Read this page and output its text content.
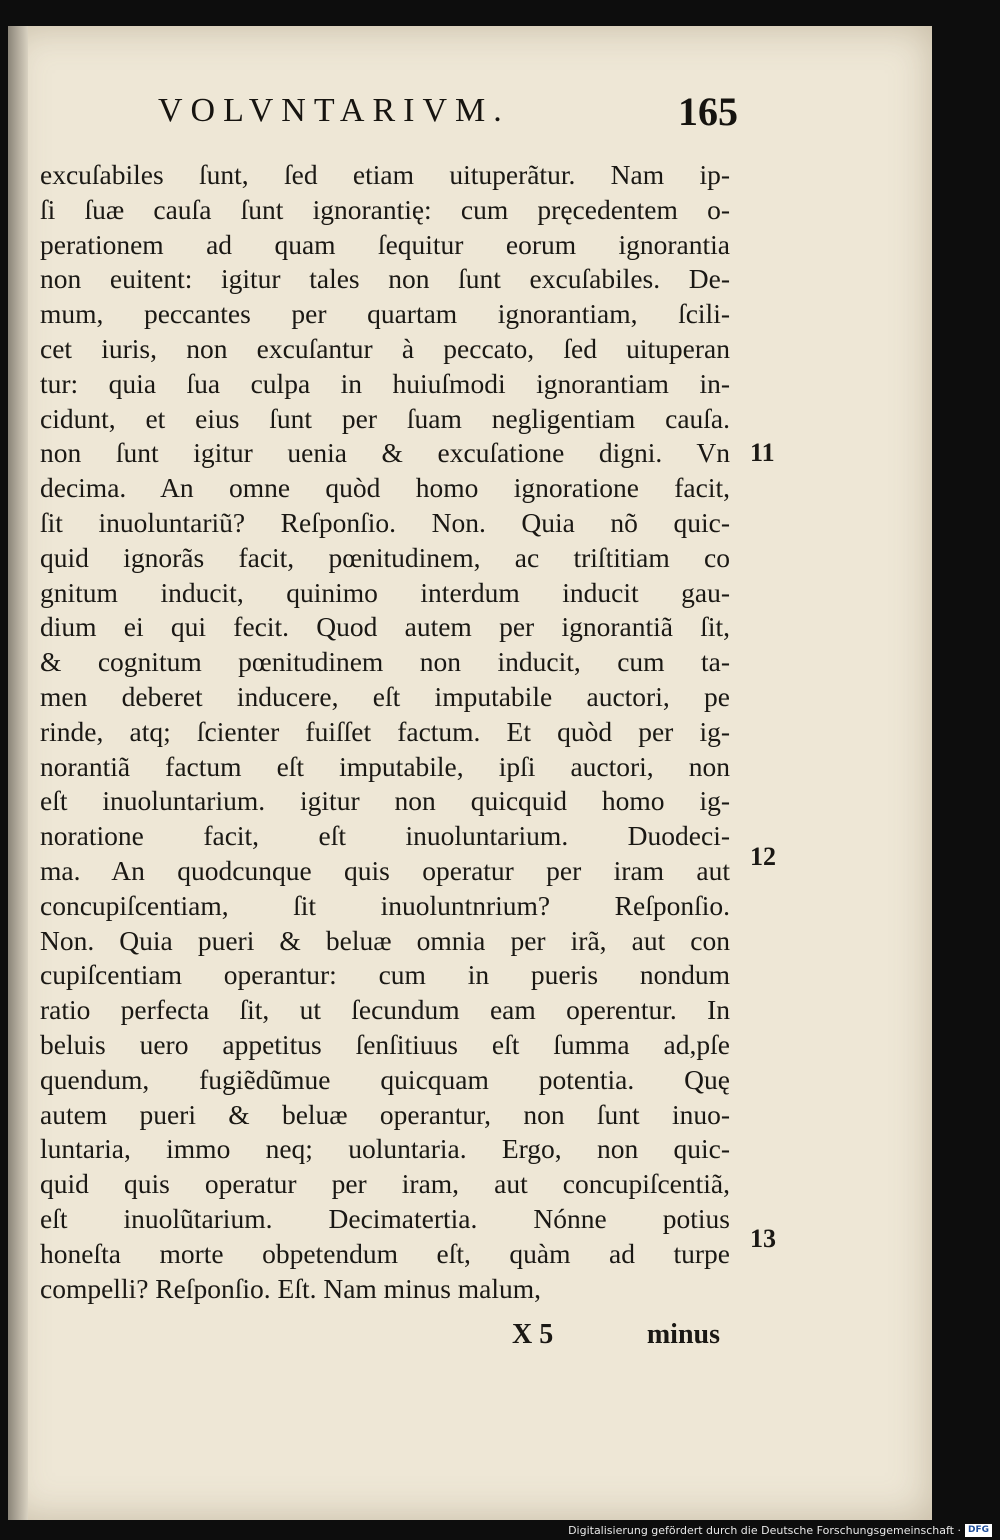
VOLVNTARIVM.	165
excuſabiles ſunt, ſed etiam uituperãtur. Nam ip-
ſi ſuæ cauſa ſunt ignorantię: cum pręcedentem o-
perationem ad quam ſequitur eorum ignorantia
non euitent: igitur tales non ſunt excuſabiles. De-
mum, peccantes per quartam ignorantiam, ſcili-
cet iuris, non excuſantur à peccato, ſed uituperan
tur: quia ſua culpa in huiuſmodi ignorantiam in-
cidunt, et eius ſunt per ſuam negligentiam cauſa.
non ſunt igitur uenia & excuſatione digni. Vn
decima. An omne quòd homo ignoratione facit,
ſit inuoluntariũ? Reſponſio. Non. Quia nõ quic-
quid ignorãs facit, pœnitudinem, ac triſtitiam co
gnitum inducit, quinimo interdum inducit gau-
dium ei qui fecit. Quod autem per ignorantiã ſit,
& cognitum pœnitudinem non inducit, cum ta-
men deberet inducere, eſt imputabile auctori, pe
rinde, atq; ſcienter fuiſſet factum. Et quòd per ig-
norantiã factum eſt imputabile, ipſi auctori, non
eſt inuoluntarium. igitur non quicquid homo ig-
noratione facit, eſt inuoluntarium. Duodeci-
ma. An quodcunque quis operatur per iram aut
concupiſcentiam, ſit inuoluntnrium? Reſponſio.
Non. Quia pueri & beluæ omnia per irã, aut con
cupiſcentiam operantur: cum in pueris nondum
ratio perfecta ſit, ut ſecundum eam operentur. In
beluis uero appetitus ſenſitiuus eſt ſumma ad,pſe
quendum, fugiẽdũmue quicquam potentia. Quę
autem pueri & beluæ operantur, non ſunt inuo-
luntaria, immo neq; uoluntaria. Ergo, non quic-
quid quis operatur per iram, aut concupiſcentiã,
eſt inuolũtarium. Decimatertia. Nónne potius
honeſta morte obpetendum eſt, quàm ad turpe
compelli? Reſponſio. Eſt. Nam minus malum,
11
12
13
X 5	minus
Digitalisierung gefördert durch die Deutsche Forschungsgemeinschaft · DFG
